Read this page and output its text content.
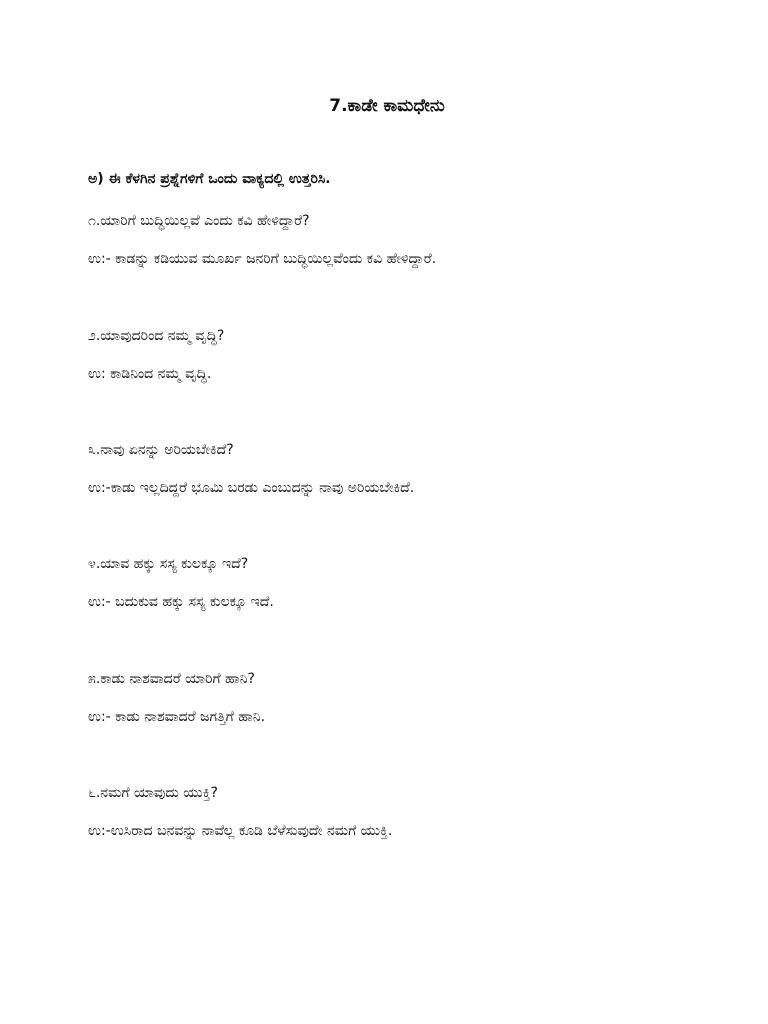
7.ಕಾಡೇ ಕಾಮಧೇನು
ಅ) ಈ ಕೆಳಗಿನ ಪ್ರಶ್ನೆಗಳಿಗೆ ಒಂದು ವಾಕ್ಯದಲ್ಲಿ ಉತ್ತರಿಸಿ.
೧.ಯಾರಿಗೆ ಬುದ್ಧಿಯಿಲ್ಲವೆ ಎಂದು ಕವಿ ಹೇಳಿದ್ದಾರೆ?
ಉ:- ಕಾಡನ್ನು ಕಡಿಯುವ ಮೂರ್ಖ ಜನರಿಗೆ ಬುದ್ಧಿಯಿಲ್ಲವೆಂದು ಕವಿ ಹೇಳಿದ್ದಾರೆ.
೨.ಯಾವುದರಿಂದ ನಮ್ಮ ವೃದ್ಧಿ?
ಉ: ಕಾಡಿನಿಂದ ನಮ್ಮ ವೃದ್ಧಿ.
೩.ನಾವು ಏನನ್ನು ಅರಿಯಬೇಕಿದೆ?
ಉ:-ಕಾಡು ಇಲ್ಲದಿದ್ದರೆ ಭೂಮಿ ಬರಡು ಎಂಬುದನ್ನು ನಾವು ಅರಿಯಬೇಕಿದೆ.
೪.ಯಾವ ಹಕ್ಕು ಸಸ್ಯ ಕುಲಕ್ಕೂ ಇದೆ?
ಉ:- ಬದುಕುವ ಹಕ್ಕು ಸಸ್ಯ ಕುಲಕ್ಕೂ ಇದೆ.
೫.ಕಾಡು ನಾಶವಾದರೆ ಯಾರಿಗೆ ಹಾನಿ?
ಉ:- ಕಾಡು ನಾಶವಾದರೆ ಜಗತ್ತಿಗೆ ಹಾನಿ.
೬.ನಮಗೆ ಯಾವುದು ಯುಕ್ತಿ?
ಉ:-ಉಸಿರಾದ ಬನವನ್ನು ನಾವೆಲ್ಲ ಕೂಡಿ ಬೆಳೆಸುವುದೇ ನಮಗೆ ಯುಕ್ತಿ.
